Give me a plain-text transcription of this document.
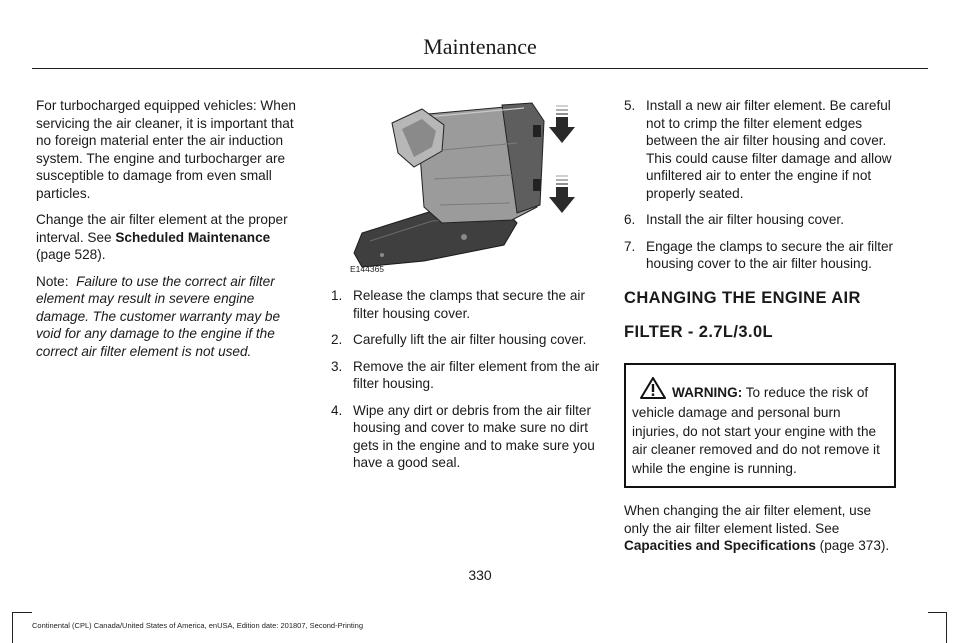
Maintenance

For turbocharged equipped vehicles: When servicing the air cleaner, it is important that no foreign material enter the air induction system. The engine and turbocharger are susceptible to damage from even small particles.

Change the air filter element at the proper interval. See Scheduled Maintenance (page 528).

Note: Failure to use the correct air filter element may result in severe engine damage. The customer warranty may be void for any damage to the engine if the correct air filter element is not used.

E144365
1. Release the clamps that secure the air filter housing cover.
2. Carefully lift the air filter housing cover.
3. Remove the air filter element from the air filter housing.
4. Wipe any dirt or debris from the air filter housing and cover to make sure no dirt gets in the engine and to make sure you have a good seal.
5. Install a new air filter element. Be careful not to crimp the filter element edges between the air filter housing and cover. This could cause filter damage and allow unfiltered air to enter the engine if not properly seated.
6. Install the air filter housing cover.
7. Engage the clamps to secure the air filter housing cover to the air filter housing.
CHANGING THE ENGINE AIR
FILTER - 2.7L/3.0L
WARNING: To reduce the risk of vehicle damage and personal burn injuries, do not start your engine with the air cleaner removed and do not remove it while the engine is running.

When changing the air filter element, use only the air filter element listed. See Capacities and Specifications (page 373).

330
Continental (CPL) Canada/United States of America, enUSA, Edition date: 201807, Second-Printing
